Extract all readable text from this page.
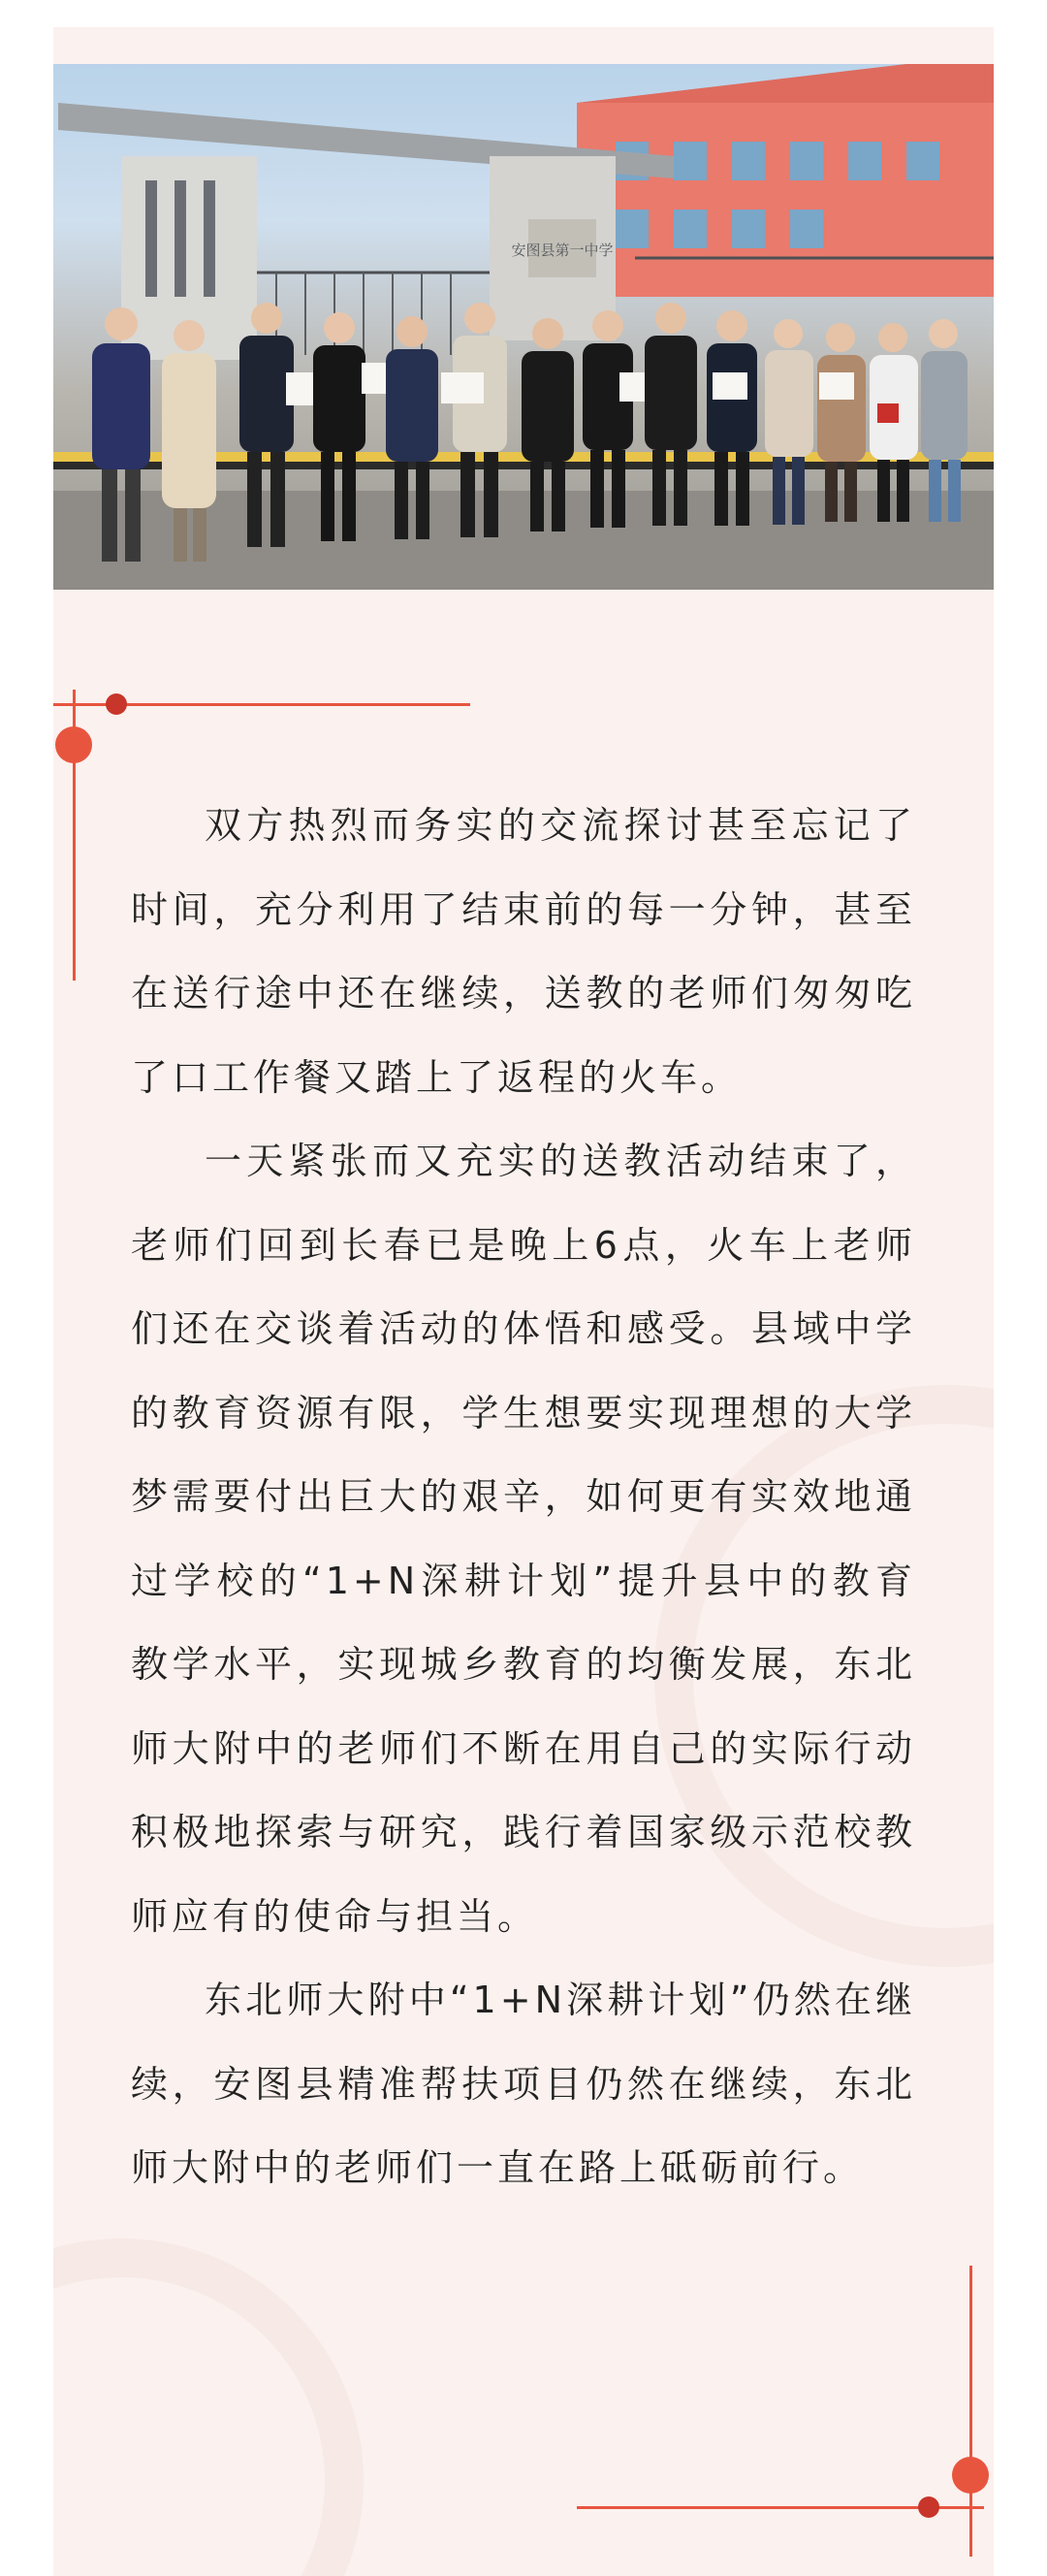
安图县第一中学

双方热烈而务实的交流探讨甚至忘记了时间，充分利用了结束前的每一分钟，甚至在送行途中还在继续，送教的老师们匆匆吃了口工作餐又踏上了返程的火车。

一天紧张而又充实的送教活动结束了，老师们回到长春已是晚上6点，火车上老师们还在交谈着活动的体悟和感受。县域中学的教育资源有限，学生想要实现理想的大学梦需要付出巨大的艰辛，如何更有实效地通过学校的“1+N深耕计划”提升县中的教育教学水平，实现城乡教育的均衡发展，东北师大附中的老师们不断在用自己的实际行动积极地探索与研究，践行着国家级示范校教师应有的使命与担当。

东北师大附中“1+N深耕计划”仍然在继续，安图县精准帮扶项目仍然在继续，东北师大附中的老师们一直在路上砥砺前行。
